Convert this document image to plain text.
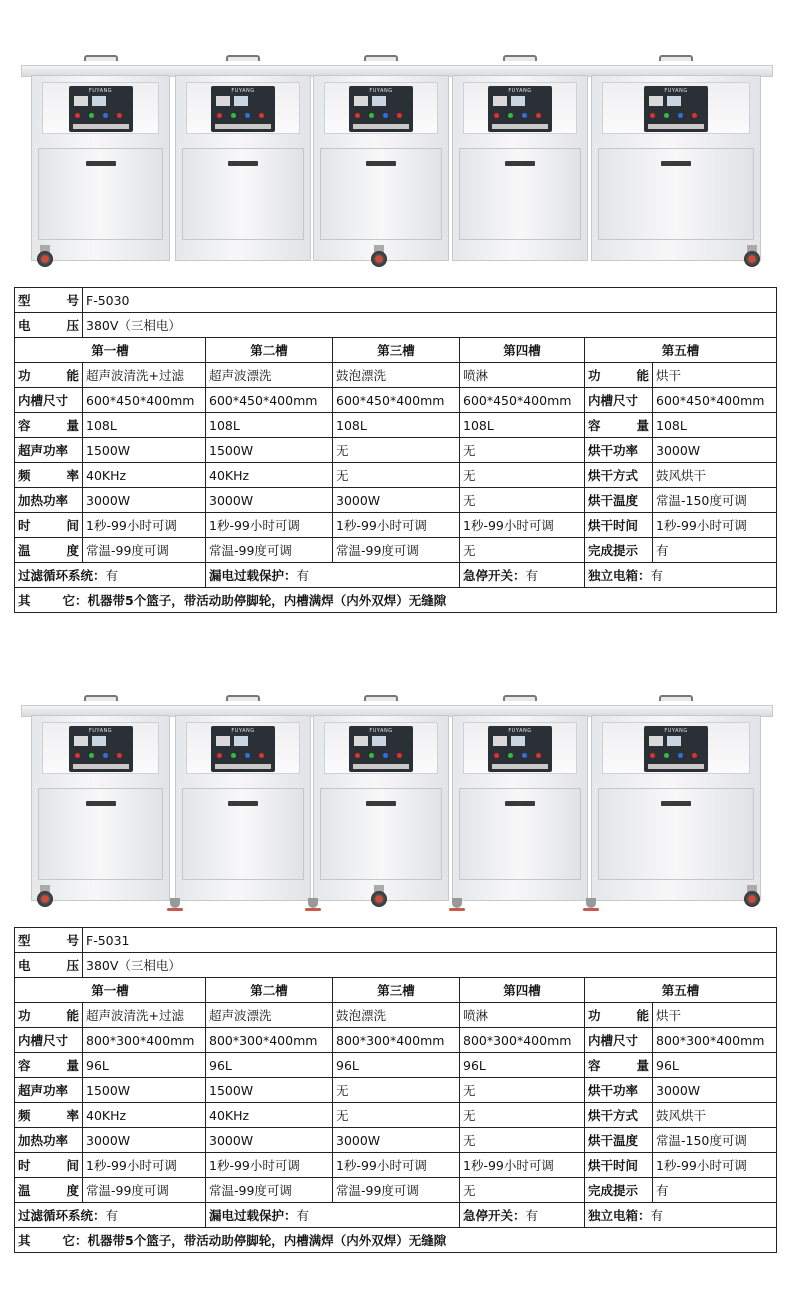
FUYANG	FUYANG	FUYANG	FUYANG	FUYANG
型 号	F-5030					

电 压	380V（三相电）					
第一槽		第二槽	第三槽	第四槽	第五槽	

功 能	超声波清洗+过滤	超声波漂洗	鼓泡漂洗	喷淋	功 能	烘干

内槽尺寸	600*450*400mm	600*450*400mm	600*450*400mm	600*450*400mm	内槽尺寸	600*450*400mm

容 量	108L	108L	108L	108L	容 量	108L

超声功率	1500W	1500W	无	无	烘干功率	3000W

频 率	40KHz	40KHz	无	无	烘干方式	鼓风烘干

加热功率	3000W	3000W	3000W	无	烘干温度	常温-150度可调

时 间	1秒-99小时可调	1秒-99小时可调	1秒-99小时可调	1秒-99小时可调	烘干时间	1秒-99小时可调

温 度	常温-99度可调	常温-99度可调	常温-99度可调	无	完成提示	有
过滤循环系统：有		漏电过载保护：有		急停开关：有	独立电箱：有	
其 它：机器带5个篮子，带活动助停脚轮，内槽满焊（内外双焊）无缝隙						
FUYANG	FUYANG	FUYANG	FUYANG	FUYANG
型 号	F-5031					

电 压	380V（三相电）					
第一槽		第二槽	第三槽	第四槽	第五槽	

功 能	超声波清洗+过滤	超声波漂洗	鼓泡漂洗	喷淋	功 能	烘干

内槽尺寸	800*300*400mm	800*300*400mm	800*300*400mm	800*300*400mm	内槽尺寸	800*300*400mm

容 量	96L	96L	96L	96L	容 量	96L

超声功率	1500W	1500W	无	无	烘干功率	3000W

频 率	40KHz	40KHz	无	无	烘干方式	鼓风烘干

加热功率	3000W	3000W	3000W	无	烘干温度	常温-150度可调

时 间	1秒-99小时可调	1秒-99小时可调	1秒-99小时可调	1秒-99小时可调	烘干时间	1秒-99小时可调

温 度	常温-99度可调	常温-99度可调	常温-99度可调	无	完成提示	有
过滤循环系统：有		漏电过载保护：有		急停开关：有	独立电箱：有	
其 它：机器带5个篮子，带活动助停脚轮，内槽满焊（内外双焊）无缝隙						
